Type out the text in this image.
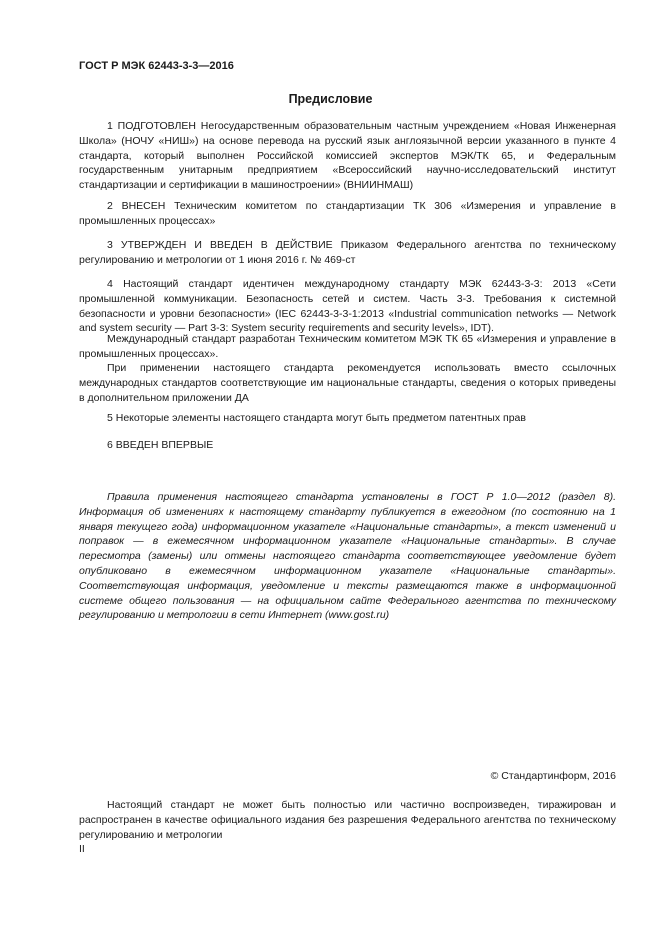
ГОСТ Р МЭК 62443-3-3—2016
Предисловие

1 ПОДГОТОВЛЕН Негосударственным образовательным частным учреждением «Новая Инженерная Школа» (НОЧУ «НИШ») на основе перевода на русский язык англоязычной версии указанного в пункте 4 стандарта, который выполнен Российской комиссией экспертов МЭК/ТК 65, и Федеральным государственным унитарным предприятием «Всероссийский научно-исследовательский институт стандартизации и сертификации в машиностроении» (ВНИИНМАШ)

2 ВНЕСЕН Техническим комитетом по стандартизации ТК 306 «Измерения и управление в промышленных процессах»

3 УТВЕРЖДЕН И ВВЕДЕН В ДЕЙСТВИЕ Приказом Федерального агентства по техническому регулированию и метрологии от 1 июня 2016 г. № 469-ст

4 Настоящий стандарт идентичен международному стандарту МЭК 62443-3-3: 2013 «Сети промышленной коммуникации. Безопасность сетей и систем. Часть 3-3. Требования к системной безопасности и уровни безопасности» (IEC 62443-3-3-1:2013 «Industrial communication networks — Network and system security — Part 3-3: System security requirements and security levels», IDT).

Международный стандарт разработан Техническим комитетом МЭК ТК 65 «Измерения и управление в промышленных процессах».

При применении настоящего стандарта рекомендуется использовать вместо ссылочных международных стандартов соответствующие им национальные стандарты, сведения о которых приведены в дополнительном приложении ДА

5 Некоторые элементы настоящего стандарта могут быть предметом патентных прав

6 ВВЕДЕН ВПЕРВЫЕ

Правила применения настоящего стандарта установлены в ГОСТ Р 1.0—2012 (раздел 8). Информация об изменениях к настоящему стандарту публикуется в ежегодном (по состоянию на 1 января текущего года) информационном указателе «Национальные стандарты», а текст изменений и поправок — в ежемесячном информационном указателе «Национальные стандарты». В случае пересмотра (замены) или отмены настоящего стандарта соответствующее уведомление будет опубликовано в ежемесячном информационном указателе «Национальные стандарты». Соответствующая информация, уведомление и тексты размещаются также в информационной системе общего пользования — на официальном сайте Федерального агентства по техническому регулированию и метрологии в сети Интернет (www.gost.ru)

© Стандартинформ, 2016

Настоящий стандарт не может быть полностью или частично воспроизведен, тиражирован и распространен в качестве официального издания без разрешения Федерального агентства по техническому регулированию и метрологии

II
